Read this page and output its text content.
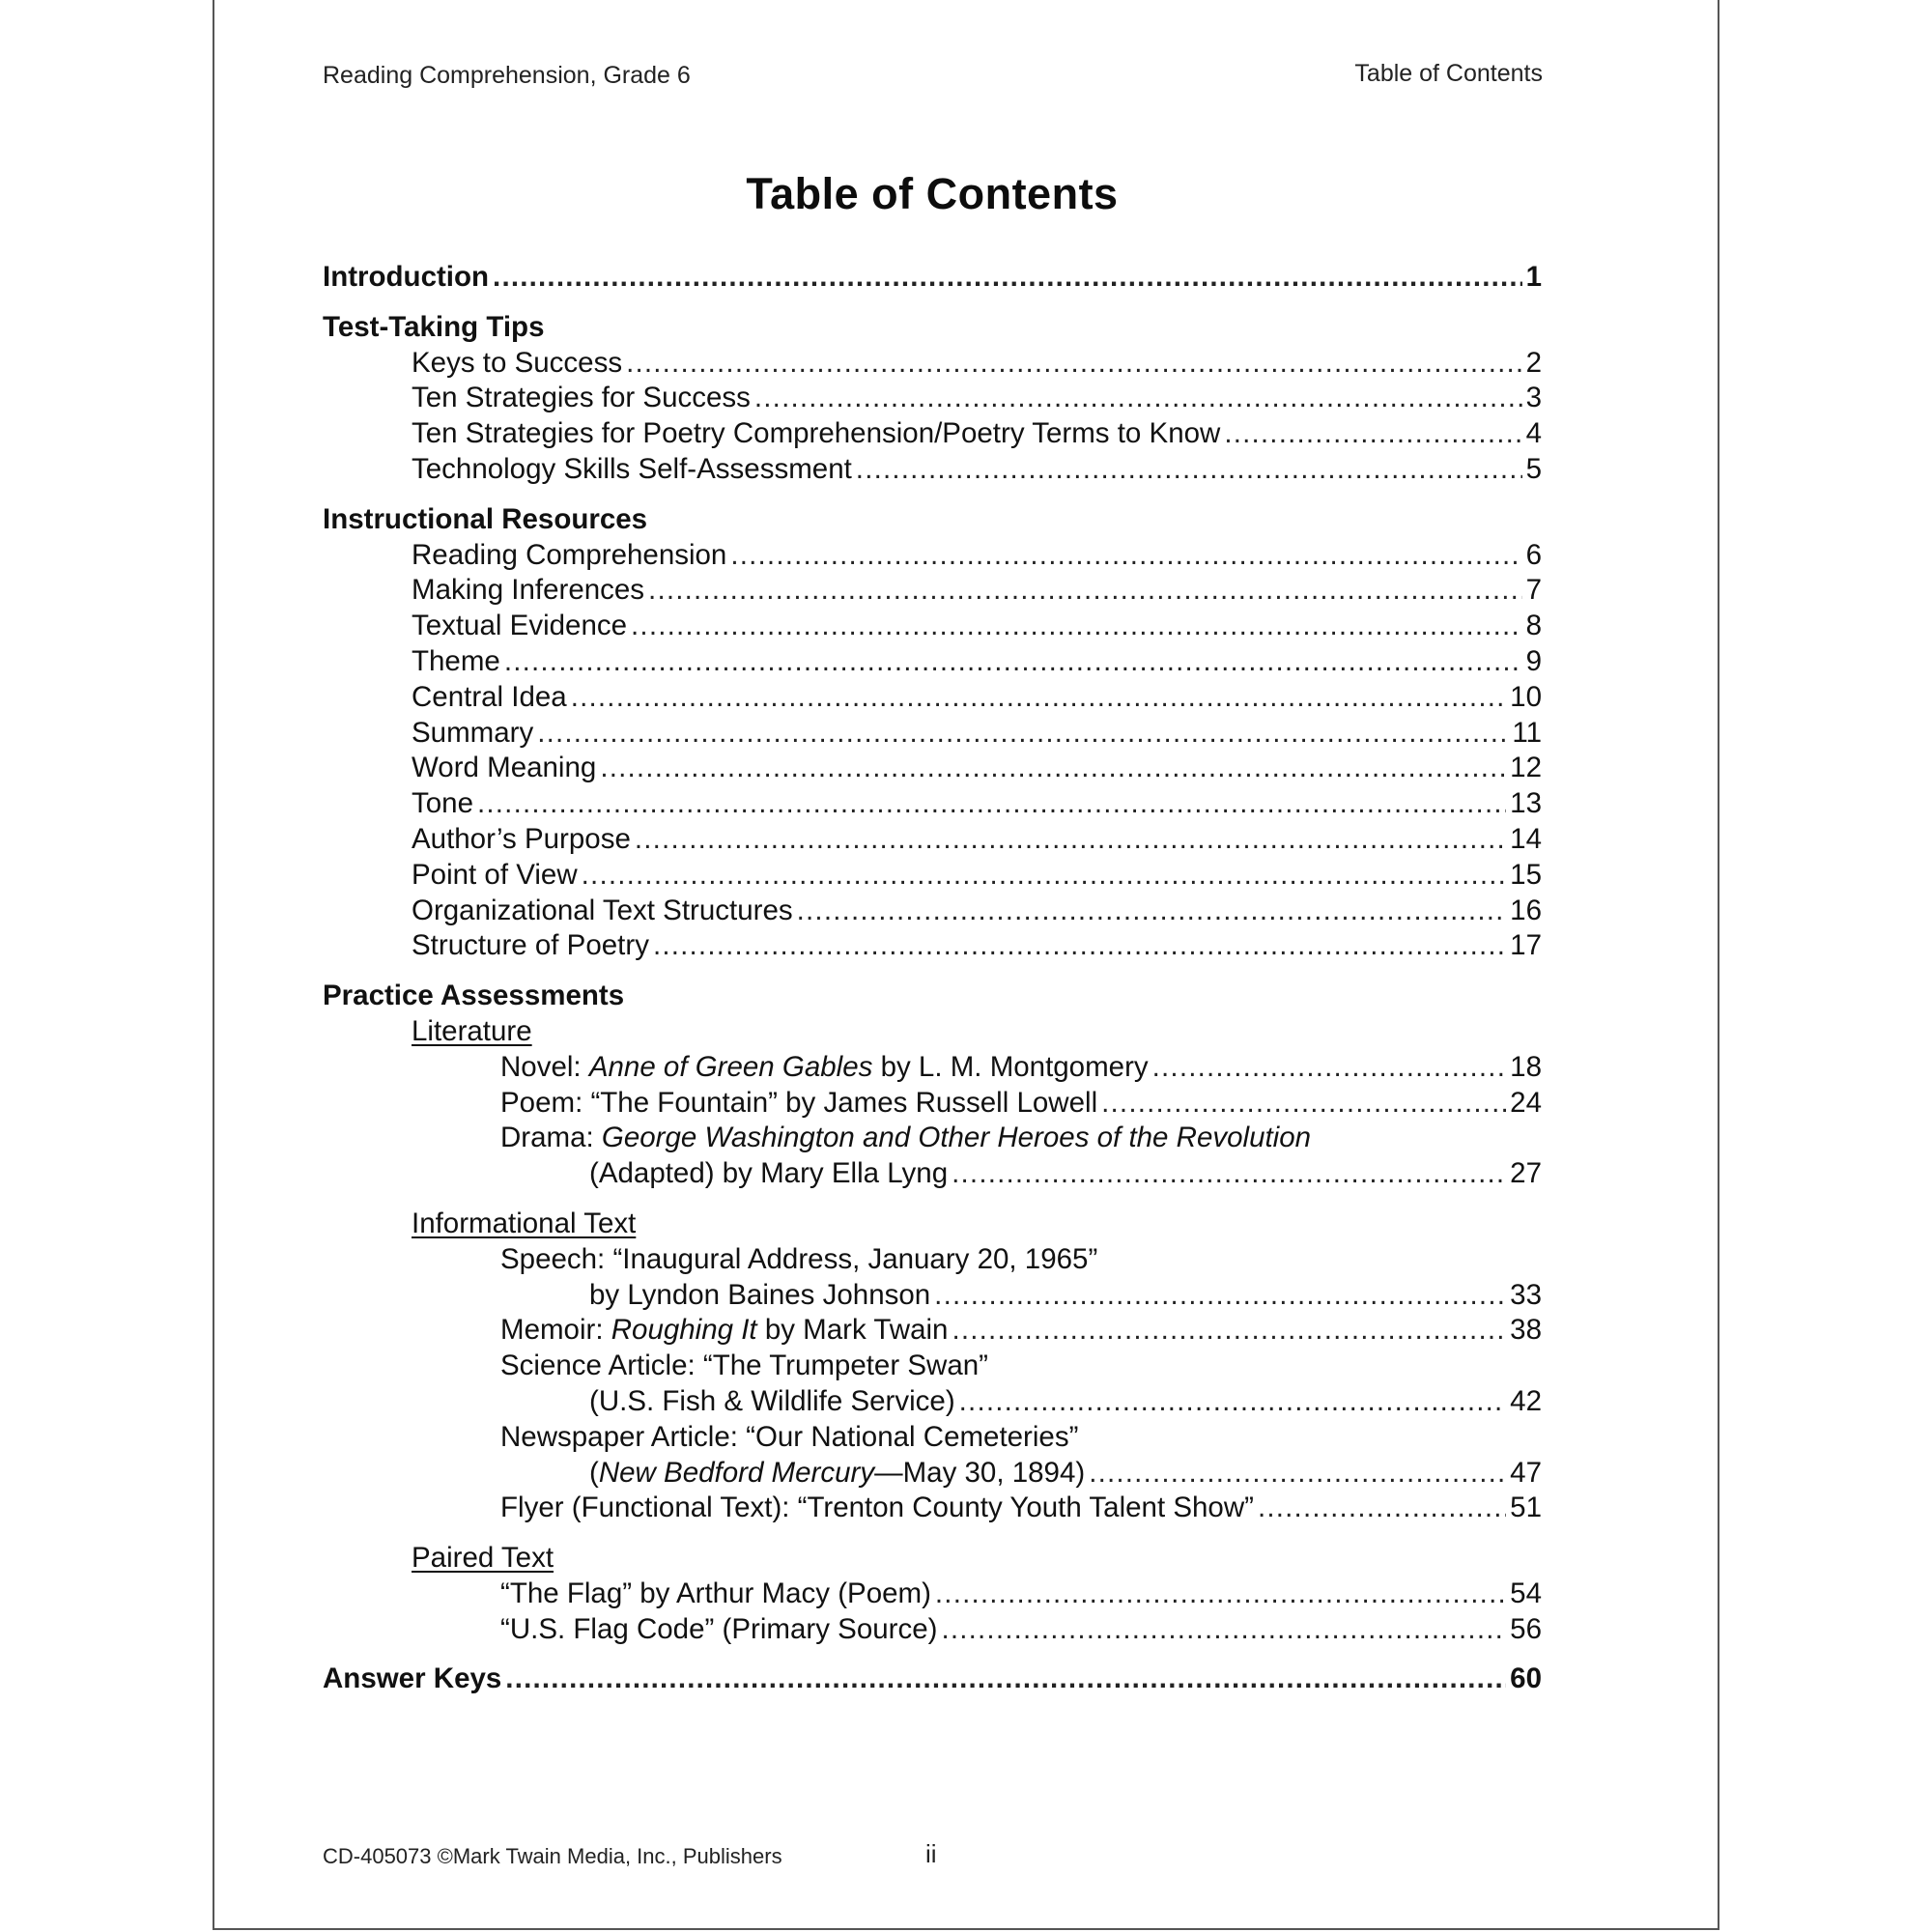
Reading Comprehension, Grade 6	Table of Contents
Table of Contents
Introduction .....	1
Test-Taking Tips
Keys to Success .....	2
Ten Strategies for Success .....	3
Ten Strategies for Poetry Comprehension/Poetry Terms to Know .....	4
Technology Skills Self-Assessment .....	5
Instructional Resources
Reading Comprehension .....	6
Making Inferences .....	7
Textual Evidence .....	8
Theme .....	9
Central Idea .....	10
Summary .....	11
Word Meaning .....	12
Tone .....	13
Author’s Purpose .....	14
Point of View .....	15
Organizational Text Structures .....	16
Structure of Poetry .....	17
Practice Assessments
Literature
Novel: Anne of Green Gables by L. M. Montgomery .....	18
Poem: “The Fountain” by James Russell Lowell .....	24
Drama: George Washington and Other Heroes of the Revolution
(Adapted) by Mary Ella Lyng .....	27
Informational Text
Speech: “Inaugural Address, January 20, 1965”
by Lyndon Baines Johnson .....	33
Memoir: Roughing It by Mark Twain .....	38
Science Article: “The Trumpeter Swan”
(U.S. Fish & Wildlife Service) .....	42
Newspaper Article: “Our National Cemeteries”
(New Bedford Mercury—May 30, 1894) .....	47
Flyer (Functional Text): “Trenton County Youth Talent Show” .....	51
Paired Text
“The Flag” by Arthur Macy (Poem) .....	54
“U.S. Flag Code” (Primary Source) .....	56
Answer Keys .....	60
CD-405073 ©Mark Twain Media, Inc., Publishers	ii
